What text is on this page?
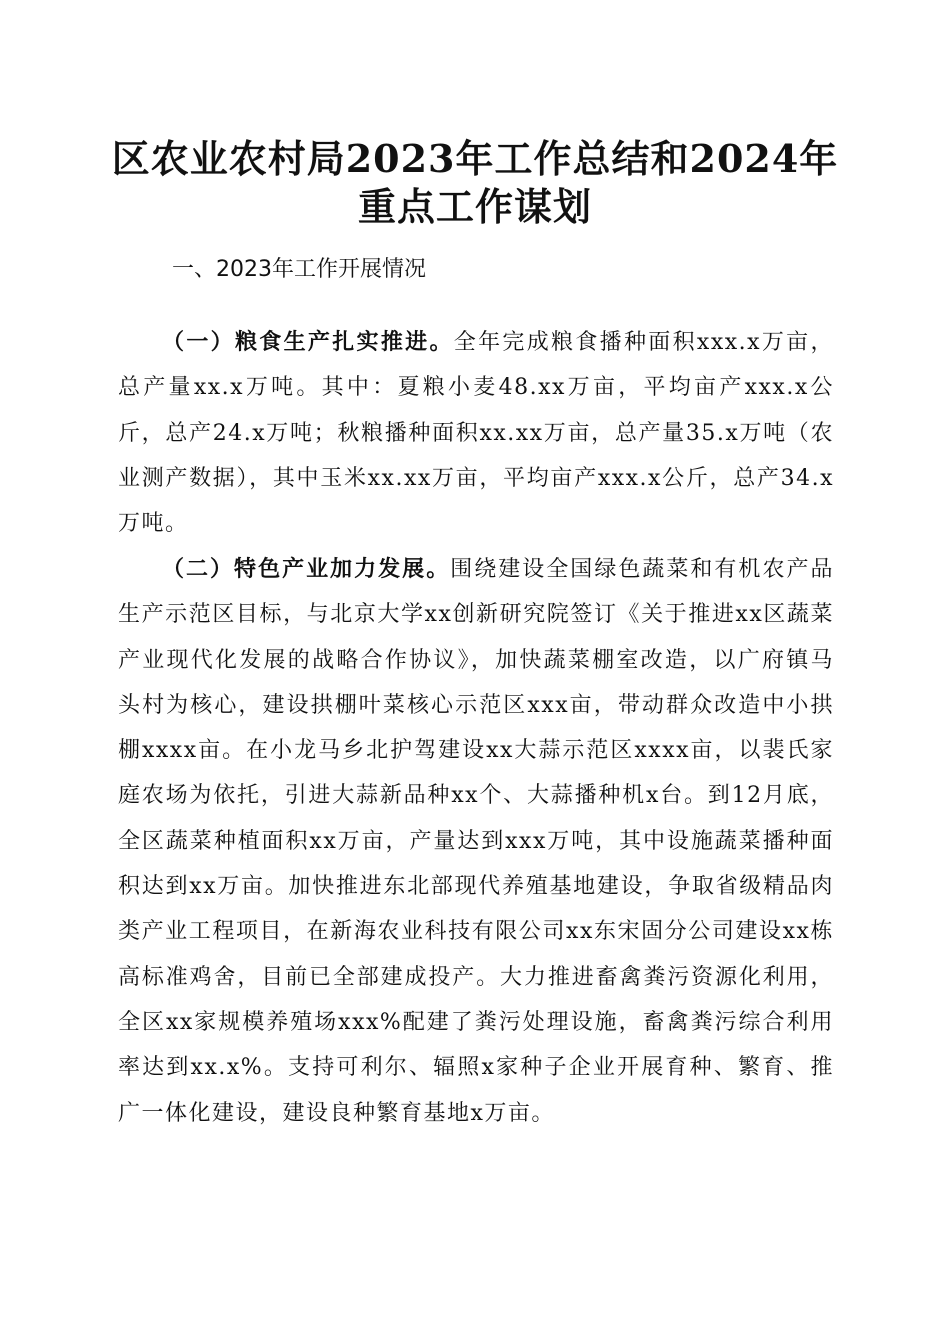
区农业农村局2023年工作总结和2024年重点工作谋划
一、2023年工作开展情况

（一）粮食生产扎实推进。全年完成粮食播种面积xxx.x万亩，总产量xx.x万吨。其中：夏粮小麦48.xx万亩，平均亩产xxx.x公斤，总产24.x万吨；秋粮播种面积xx.xx万亩，总产量35.x万吨（农业测产数据），其中玉米xx.xx万亩，平均亩产xxx.x公斤，总产34.x万吨。

（二）特色产业加力发展。围绕建设全国绿色蔬菜和有机农产品生产示范区目标，与北京大学xx创新研究院签订《关于推进xx区蔬菜产业现代化发展的战略合作协议》，加快蔬菜棚室改造，以广府镇马头村为核心，建设拱棚叶菜核心示范区xxx亩，带动群众改造中小拱棚xxxx亩。在小龙马乡北护驾建设xx大蒜示范区xxxx亩，以裴氏家庭农场为依托，引进大蒜新品种xx个、大蒜播种机x台。到12月底，全区蔬菜种植面积xx万亩，产量达到xxx万吨，其中设施蔬菜播种面积达到xx万亩。加快推进东北部现代养殖基地建设，争取省级精品肉类产业工程项目，在新海农业科技有限公司xx东宋固分公司建设xx栋高标准鸡舍，目前已全部建成投产。大力推进畜禽粪污资源化利用，全区xx家规模养殖场xxx%配建了粪污处理设施，畜禽粪污综合利用率达到xx.x%。支持可利尔、辐照x家种子企业开展育种、繁育、推广一体化建设，建设良种繁育基地x万亩。
